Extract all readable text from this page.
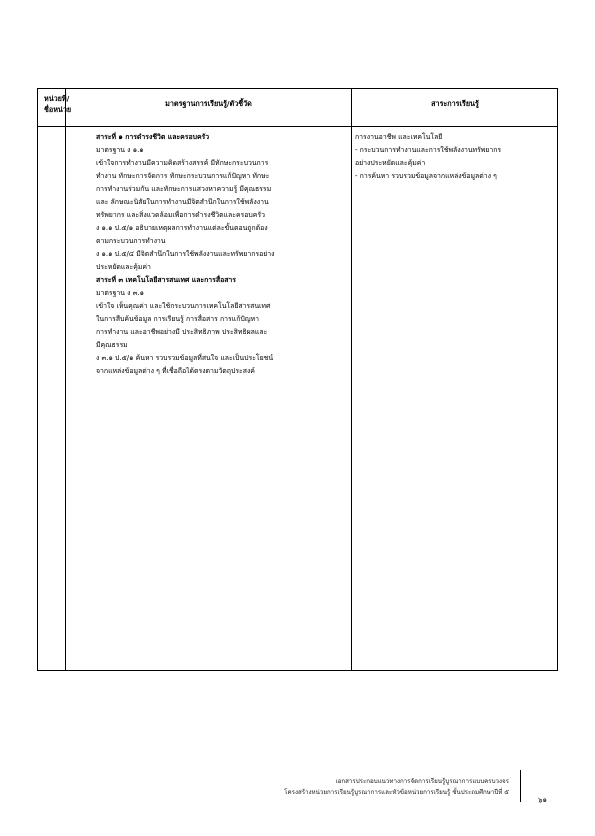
หน่วยที่/
ชื่อหน่วย
มาตรฐานการเรียนรู้/ตัวชี้วัด	สาระการเรียนรู้
สาระที่ ๑ การดำรงชีวิต และครอบครัว
มาตรฐาน ง ๑.๑
เข้าใจการทำงานมีความคิดสร้างสรรค์ มีทักษะกระบวนการ
ทำงาน ทักษะการจัดการ ทักษะกระบวนการแก้ปัญหา ทักษะ
การทำงานร่วมกัน และทักษะการแสวงหาความรู้ มีคุณธรรม
และ ลักษณะนิสัยในการทำงานมีจิตสำนึกในการใช้พลังงาน
ทรัพยากร และสิ่งแวดล้อมเพื่อการดำรงชีวิตและครอบครัว
ง ๑.๑ ป.๕/๑ อธิบายเหตุผลการทำงานแต่ละขั้นตอนถูกต้อง
ตามกระบวนการทำงาน
ง ๑.๑ ป.๕/๔ มีจิตสำนึกในการใช้พลังงานและทรัพยากรอย่าง
ประหยัดและคุ้มค่า
สาระที่ ๓ เทคโนโลยีสารสนเทศ และการสื่อสาร
มาตรฐาน ง ๓.๑
เข้าใจ เห็นคุณค่า และใช้กระบวนการเทคโนโลยีสารสนเทศ
ในการสืบค้นข้อมูล การเรียนรู้ การสื่อสาร การแก้ปัญหา
การทำงาน และอาชีพอย่างมี ประสิทธิภาพ ประสิทธิผลและ
มีคุณธรรม
ง ๓.๑ ป.๕/๑ ค้นหา รวบรวมข้อมูลที่สนใจ และเป็นประโยชน์
จากแหล่งข้อมูลต่าง ๆ ที่เชื่อถือได้ตรงตามวัตถุประสงค์
การงานอาชีพ และเทคโนโลยี
- กระบวนการทำงานและการใช้พลังงานทรัพยากร
อย่างประหยัดและคุ้มค่า
- การค้นหา รวบรวมข้อมูลจากแหล่งข้อมูลต่าง ๆ
เอกสารประกอบแนวทางการจัดการเรียนรู้บูรณาการแบบครบวงจร
โครงสร้างหน่วยการเรียนรู้บูรณาการและหัวข้อหน่วยการเรียนรู้ ชั้นประถมศึกษาปีที่ ๕
๖๑
